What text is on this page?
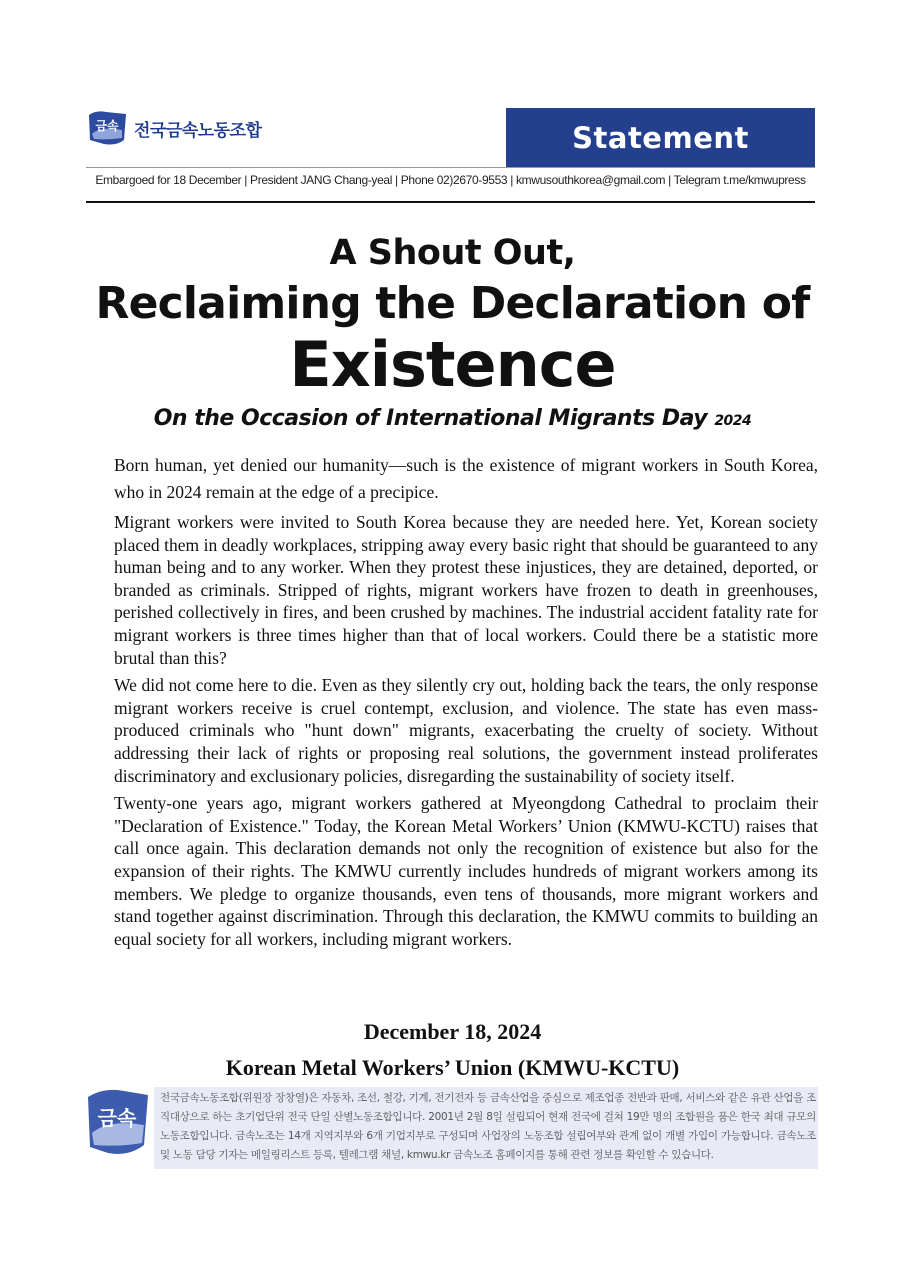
금속 전국금속노동조합	Statement
Embargoed for 18 December | President JANG Chang-yeal | Phone 02)2670-9553 | kmwusouthkorea@gmail.com | Telegram t.me/kmwupress
A Shout Out,
Reclaiming the Declaration of
Existence
On the Occasion of International Migrants Day 2024

Born human, yet denied our humanity―such is the existence of migrant workers in South Korea, who in 2024 remain at the edge of a precipice.

Migrant workers were invited to South Korea because they are needed here. Yet, Korean society placed them in deadly workplaces, stripping away every basic right that should be guaranteed to any human being and to any worker. When they protest these injustices, they are detained, deported, or branded as criminals. Stripped of rights, migrant workers have frozen to death in greenhouses, perished collectively in fires, and been crushed by machines. The industrial accident fatality rate for migrant workers is three times higher than that of local workers. Could there be a statistic more brutal than this?

We did not come here to die. Even as they silently cry out, holding back the tears, the only response migrant workers receive is cruel contempt, exclusion, and violence. The state has even mass-produced criminals who "hunt down" migrants, exacerbating the cruelty of society. Without addressing their lack of rights or proposing real solutions, the government instead proliferates discriminatory and exclusionary policies, disregarding the sustainability of society itself.

Twenty-one years ago, migrant workers gathered at Myeongdong Cathedral to proclaim their "Declaration of Existence." Today, the Korean Metal Workers’ Union (KMWU-KCTU) raises that call once again. This declaration demands not only the recognition of existence but also for the expansion of their rights. The KMWU currently includes hundreds of migrant workers among its members. We pledge to organize thousands, even tens of thousands, more migrant workers and stand together against discrimination. Through this declaration, the KMWU commits to building an equal society for all workers, including migrant workers.

December 18, 2024
Korean Metal Workers’ Union (KMWU-KCTU)
금속
전국금속노동조합(위원장 장창열)은 자동차, 조선, 철강, 기계, 전기전자 등 금속산업을 중심으로 제조업종 전반과 판매, 서비스와 같은 유관 산업을 조직대상으로 하는 초기업단위 전국 단일 산별노동조합입니다. 2001년 2월 8일 설립되어 현재 전국에 걸쳐 19만 명의 조합원을 품은 한국 최대 규모의 노동조합입니다. 금속노조는 14개 지역지부와 6개 기업지부로 구성되며 사업장의 노동조합 설립여부와 관계 없이 개별 가입이 가능합니다. 금속노조 및 노동 담당 기자는 메일링리스트 등록, 텔레그램 채널, kmwu.kr 금속노조 홈페이지를 통해 관련 정보를 확인할 수 있습니다.
